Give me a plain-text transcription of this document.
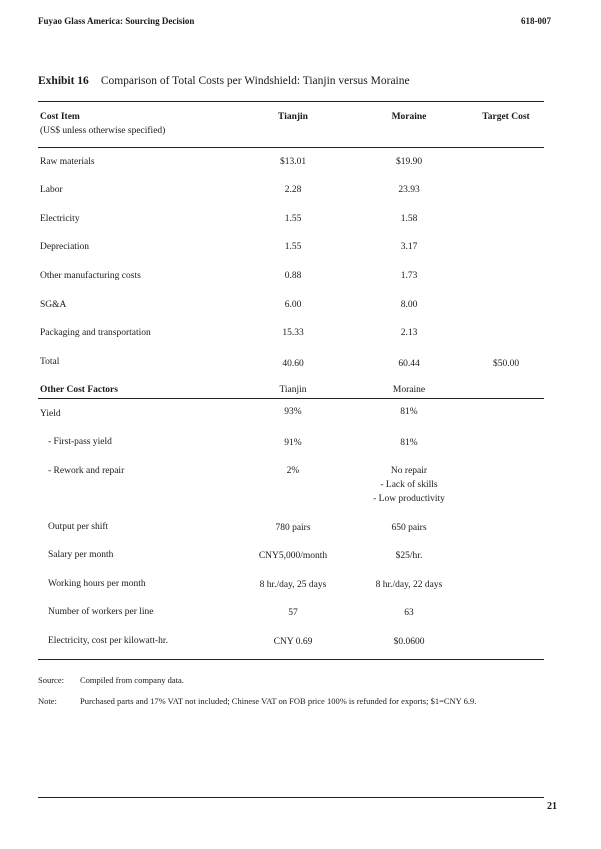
Fuyao Glass America: Sourcing Decision	618-007
Exhibit 16 Comparison of Total Costs per Windshield: Tianjin versus Moraine
Cost Item
(US$ unless otherwise specified)
Tianjin	Moraine	Target Cost
Raw materials	$13.01	$19.90
Labor	2.28	23.93
Electricity	1.55	1.58
Depreciation	1.55	3.17
Other manufacturing costs	0.88	1.73
SG&A	6.00	8.00
Packaging and transportation	15.33	2.13
Total	40.60	60.44	$50.00
Other Cost Factors	Tianjin	Moraine
Yield	93%	81%
- First-pass yield	91%	81%
- Rework and repair	2%	No repair
- Lack of skills
- Low productivity
Output per shift	780 pairs	650 pairs
Salary per month	CNY5,000/month	$25/hr.
Working hours per month	8 hr./day, 25 days	8 hr./day, 22 days
Number of workers per line	57	63
Electricity, cost per kilowatt-hr.	CNY 0.69	$0.0600
Source: Compiled from company data.
Note:	Purchased parts and 17% VAT not included; Chinese VAT on FOB price 100% is refunded for exports; $1=CNY 6.9.
21
